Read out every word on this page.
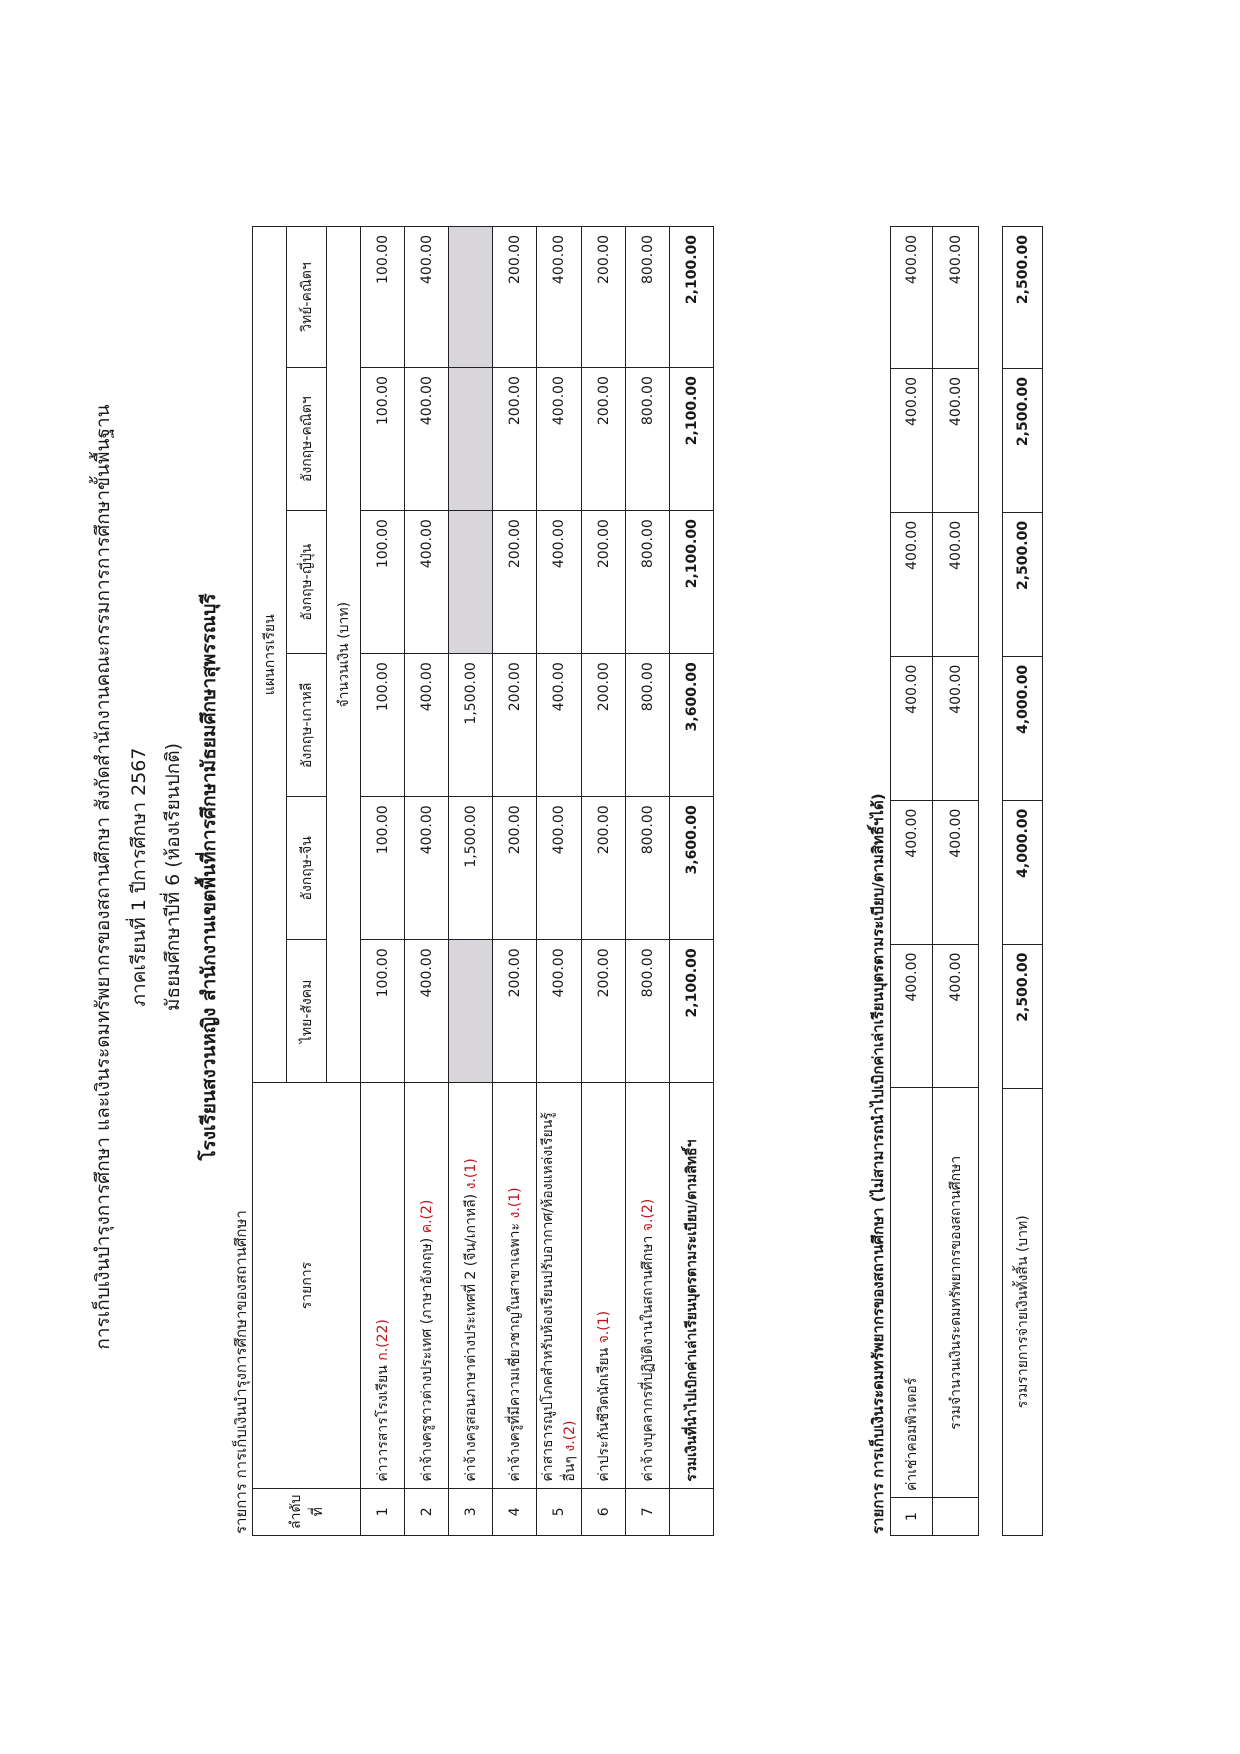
การเก็บเงินบำรุงการศึกษา และเงินระดมทรัพยากรของสถานศึกษา สังกัดสำนักงานคณะกรรมการการศึกษาขั้นพื้นฐาน ภาคเรียนที่ 1 ปีการศึกษา 2567 มัธยมศึกษาปีที่ 6 (ห้องเรียนปกติ) โรงเรียนสงวนหญิง สำนักงานเขตพื้นที่การศึกษามัธยมศึกษาสุพรรณบุรี
รายการ การเก็บเงินบำรุงการศึกษาของสถานศึกษา	ลำดับที่	รายการ	แผนการเรียน					
		ไทย-สังคม	อังกฤษ-จีน	อังกฤษ-เกาหลี	อังกฤษ-ญี่ปุ่น	อังกฤษ-คณิตฯ	วิทย์-คณิตฯ
		จำนวนเงิน (บาท)					
1	ค่าวารสารโรงเรียน ก.(22)	100.00	100.00	100.00	100.00	100.00	100.00
2	ค่าจ้างครูชาวต่างประเทศ (ภาษาอังกฤษ) ค.(2)	400.00	400.00	400.00	400.00	400.00	400.00
3	ค่าจ้างครูสอนภาษาต่างประเทศที่ 2 (จีน/เกาหลี) ง.(1)		1,500.00	1,500.00			
4	ค่าจ้างครูที่มีความเชี่ยวชาญในสาขาเฉพาะ ง.(1)	200.00	200.00	200.00	200.00	200.00	200.00
5	ค่าสาธารณูปโภคสำหรับห้องเรียนปรับอากาศ/ห้องแหล่งเรียนรู้อื่นๆ ง.(2)	400.00	400.00	400.00	400.00	400.00	400.00
6	ค่าประกันชีวิตนักเรียน จ.(1)	200.00	200.00	200.00	200.00	200.00	200.00
7	ค่าจ้างบุคลากรที่ปฏิบัติงานในสถานศึกษา จ.(2)	800.00	800.00	800.00	800.00	800.00	800.00
	รวมเงินที่นำไปเบิกค่าเล่าเรียนบุตรตามระเบียบ/ตามสิทธิ์ฯ	2,100.00	3,600.00	3,600.00	2,100.00	2,100.00	2,100.00
รายการ การเก็บเงินระดมทรัพยากรของสถานศึกษา (ไม่สามารถนำไปเบิกค่าเล่าเรียนบุตรตามระเบียบ/ตามสิทธิ์ฯได้) 1	ค่าเช่าคอมพิวเตอร์	400.00	400.00	400.00	400.00	400.00	400.00
	รวมจำนวนเงินระดมทรัพยากรของสถานศึกษา	400.00	400.00	400.00	400.00	400.00	400.00
รวมรายการจ่ายเงินทั้งสิ้น (บาท)	2,500.00	4,000.00	4,000.00	2,500.00	2,500.00	2,500.00
